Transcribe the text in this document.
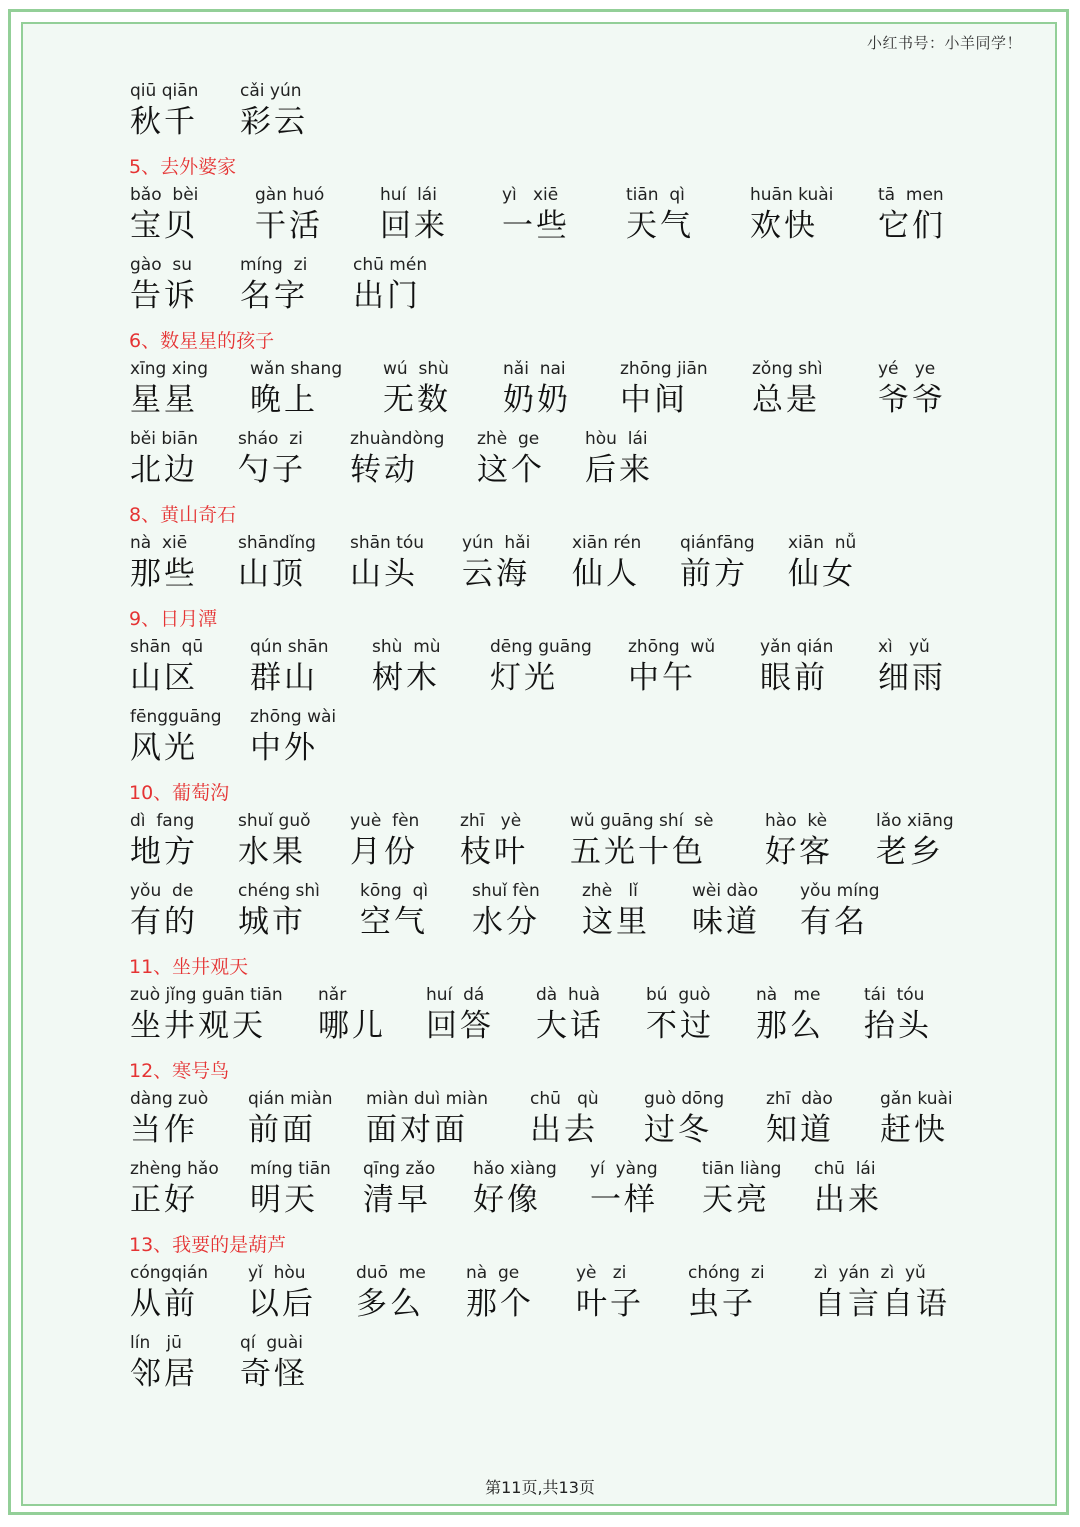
小红书号：小羊同学！
qiū qiān
秋千
cǎi yún
彩云
5、去外婆家
bǎo  bèi
宝贝
gàn huó
干活
huí  lái
回来
yì   xiē
一些
tiān  qì
天气
huān kuài
欢快
tā  men
它们
gào  su
告诉
míng  zi
名字
chū mén
出门
6、数星星的孩子
xīng xing
星星
wǎn shang
晚上
wú  shù
无数
nǎi  nai
奶奶
zhōng jiān
中间
zǒng shì
总是
yé   ye
爷爷
běi biān
北边
sháo  zi
勺子
zhuàndòng
转动
zhè  ge
这个
hòu  lái
后来
8、黄山奇石
nà  xiē
那些
shāndǐng
山顶
shān tóu
山头
yún  hǎi
云海
xiān rén
仙人
qiánfāng
前方
xiān  nǚ
仙女
9、日月潭
shān  qū
山区
qún shān
群山
shù  mù
树木
dēng guāng
灯光
zhōng  wǔ
中午
yǎn qián
眼前
xì   yǔ
细雨
fēngguāng
风光
zhōng wài
中外
10、葡萄沟
dì  fang
地方
shuǐ guǒ
水果
yuè  fèn
月份
zhī   yè
枝叶
wǔ guāng shí  sè
五光十色
hào  kè
好客
lǎo xiāng
老乡
yǒu  de
有的
chéng shì
城市
kōng  qì
空气
shuǐ fèn
水分
zhè   lǐ
这里
wèi dào
味道
yǒu míng
有名
11、坐井观天
zuò jǐng guān tiān
坐井观天
nǎr
哪儿
huí  dá
回答
dà  huà
大话
bú  guò
不过
nà   me
那么
tái  tóu
抬头
12、寒号鸟
dàng zuò
当作
qián miàn
前面
miàn duì miàn
面对面
chū   qù
出去
guò dōng
过冬
zhī  dào
知道
gǎn kuài
赶快
zhèng hǎo
正好
míng tiān
明天
qīng zǎo
清早
hǎo xiàng
好像
yí  yàng
一样
tiān liàng
天亮
chū  lái
出来
13、我要的是葫芦
cóngqián
从前
yǐ  hòu
以后
duō  me
多么
nà  ge
那个
yè   zi
叶子
chóng  zi
虫子
zì  yán  zì  yǔ
自言自语
lín   jū
邻居
qí  guài
奇怪
第11页,共13页
